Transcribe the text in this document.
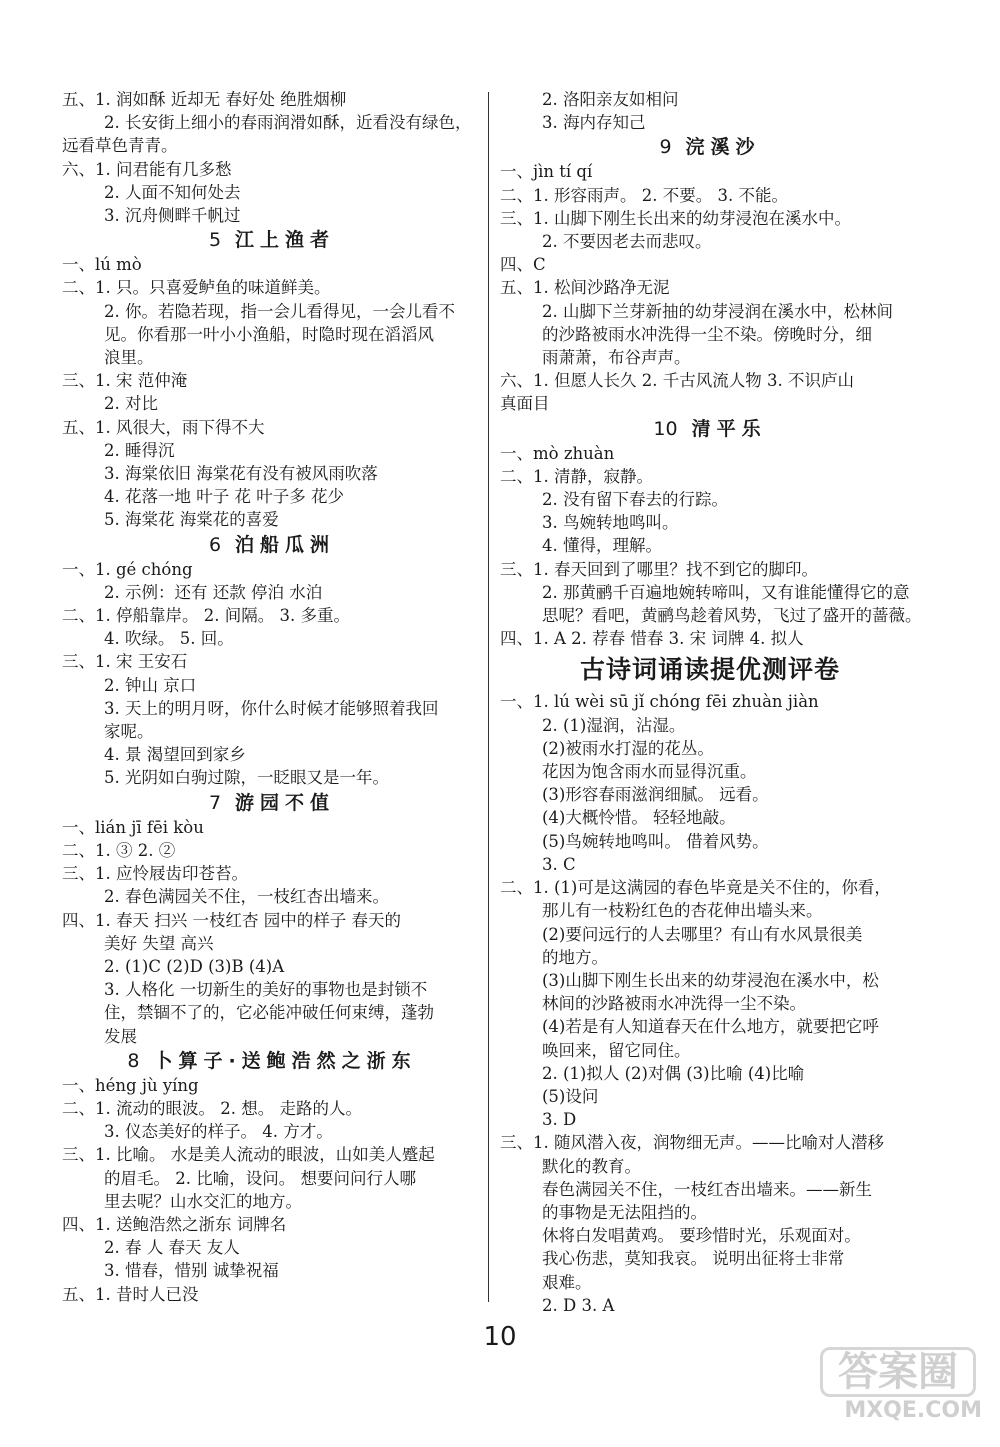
五、1. 润如酥 近却无 春好处 绝胜烟柳
2. 长安街上细小的春雨润滑如酥，近看没有绿色，
远看草色青青。
六、1. 问君能有几多愁
2. 人面不知何处去
3. 沉舟侧畔千帆过
5 江上渔者
一、lú mò
二、1. 只。只喜爱鲈鱼的味道鲜美。
2. 你。若隐若现，指一会儿看得见，一会儿看不
见。你看那一叶小小渔船，时隐时现在滔滔风
浪里。
三、1. 宋 范仲淹
2. 对比
五、1. 风很大，雨下得不大
2. 睡得沉
3. 海棠依旧 海棠花有没有被风雨吹落
4. 花落一地 叶子 花 叶子多 花少
5. 海棠花 海棠花的喜爱
6 泊船瓜洲
一、1. gé chóng
2. 示例：还有 还款 停泊 水泊
二、1. 停船靠岸。 2. 间隔。 3. 多重。
4. 吹绿。 5. 回。
三、1. 宋 王安石
2. 钟山 京口
3. 天上的明月呀，你什么时候才能够照着我回
家呢。
4. 景 渴望回到家乡
5. 光阴如白驹过隙，一眨眼又是一年。
7 游园不值
一、lián jī fēi kòu
二、1. ③ 2. ②
三、1. 应怜屐齿印苍苔。
2. 春色满园关不住，一枝红杏出墙来。
四、1. 春天 扫兴 一枝红杏 园中的样子 春天的
美好 失望 高兴
2. (1)C (2)D (3)B (4)A
3. 人格化 一切新生的美好的事物也是封锁不
住，禁锢不了的，它必能冲破任何束缚，蓬勃
发展
8 卜算子·送鲍浩然之浙东
一、héng jù yíng
二、1. 流动的眼波。 2. 想。 走路的人。
3. 仪态美好的样子。 4. 方才。
三、1. 比喻。 水是美人流动的眼波，山如美人蹙起
的眉毛。 2. 比喻，设问。 想要问问行人哪
里去呢？山水交汇的地方。
四、1. 送鲍浩然之浙东 词牌名
2. 春 人 春天 友人
3. 惜春，惜别 诚挚祝福
五、1. 昔时人已没
2. 洛阳亲友如相问
3. 海内存知己
9 浣溪沙
一、jìn tí qí
二、1. 形容雨声。 2. 不要。 3. 不能。
三、1. 山脚下刚生长出来的幼芽浸泡在溪水中。
2. 不要因老去而悲叹。
四、C
五、1. 松间沙路净无泥
2. 山脚下兰芽新抽的幼芽浸润在溪水中，松林间
的沙路被雨水冲洗得一尘不染。傍晚时分，细
雨萧萧，布谷声声。
六、1. 但愿人长久 2. 千古风流人物 3. 不识庐山
真面目
10 清平乐
一、mò zhuàn
二、1. 清静，寂静。
2. 没有留下春去的行踪。
3. 鸟婉转地鸣叫。
4. 懂得，理解。
三、1. 春天回到了哪里？找不到它的脚印。
2. 那黄鹂千百遍地婉转啼叫，又有谁能懂得它的意
思呢？看吧，黄鹂鸟趁着风势，飞过了盛开的蔷薇。
四、1. A 2. 荐春 惜春 3. 宋 词牌 4. 拟人
古诗词诵读提优测评卷
一、1. lú wèi sū jǐ chóng fēi zhuàn jiàn
2. (1)湿润，沾湿。
(2)被雨水打湿的花丛。
花因为饱含雨水而显得沉重。
(3)形容春雨滋润细腻。 远看。
(4)大概怜惜。 轻轻地敲。
(5)鸟婉转地鸣叫。 借着风势。
3. C
二、1. (1)可是这满园的春色毕竟是关不住的，你看，
那儿有一枝粉红色的杏花伸出墙头来。
(2)要问远行的人去哪里？有山有水风景很美
的地方。
(3)山脚下刚生长出来的幼芽浸泡在溪水中，松
林间的沙路被雨水冲洗得一尘不染。
(4)若是有人知道春天在什么地方，就要把它呼
唤回来，留它同住。
2. (1)拟人 (2)对偶 (3)比喻 (4)比喻
(5)设问
3. D
三、1. 随风潜入夜，润物细无声。——比喻对人潜移
默化的教育。
春色满园关不住，一枝红杏出墙来。——新生
的事物是无法阻挡的。
休将白发唱黄鸡。 要珍惜时光，乐观面对。
我心伤悲，莫知我哀。 说明出征将士非常
艰难。
2. D 3. A
10
答案圈
MXQE.COM
